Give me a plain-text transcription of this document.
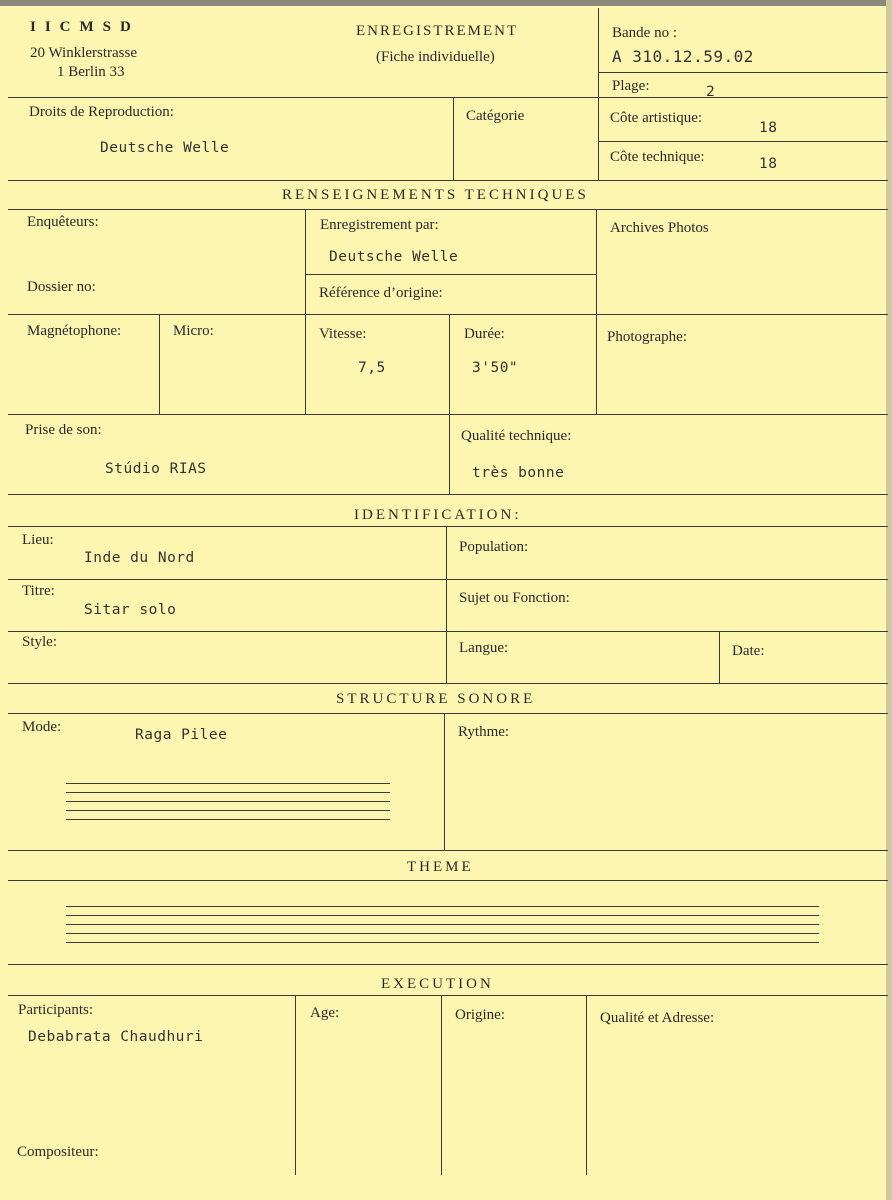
IICMSD
20 Winklerstrasse
1 Berlin 33
ENREGISTREMENT
(Fiche individuelle)
Bande no :
A 310.12.59.02
Plage:	2
Droits de Reproduction:
Deutsche Welle
Catégorie	Côte artistique:
18
Côte technique:	18
RENSEIGNEMENTS TECHNIQUES
Enquêteurs:
Dossier no:
Enregistrement par:
Deutsche Welle
Référence d’origine:
Archives Photos
Magnétophone:	Micro:	Vitesse:
7,5
Durée:
3'50"
Photographe:
Prise de son:
Stúdio RIAS
Qualité technique:
très bonne
IDENTIFICATION:
Lieu:
Inde du Nord
Population:
Titre:
Sitar solo
Sujet ou Fonction:
Style:	Langue:	Date:
STRUCTURE SONORE
Mode:	Raga Pilee	Rythme:
THEME
EXECUTION
Participants:
Debabrata Chaudhuri
Age:	Origine:	Qualité et Adresse:
Compositeur:
